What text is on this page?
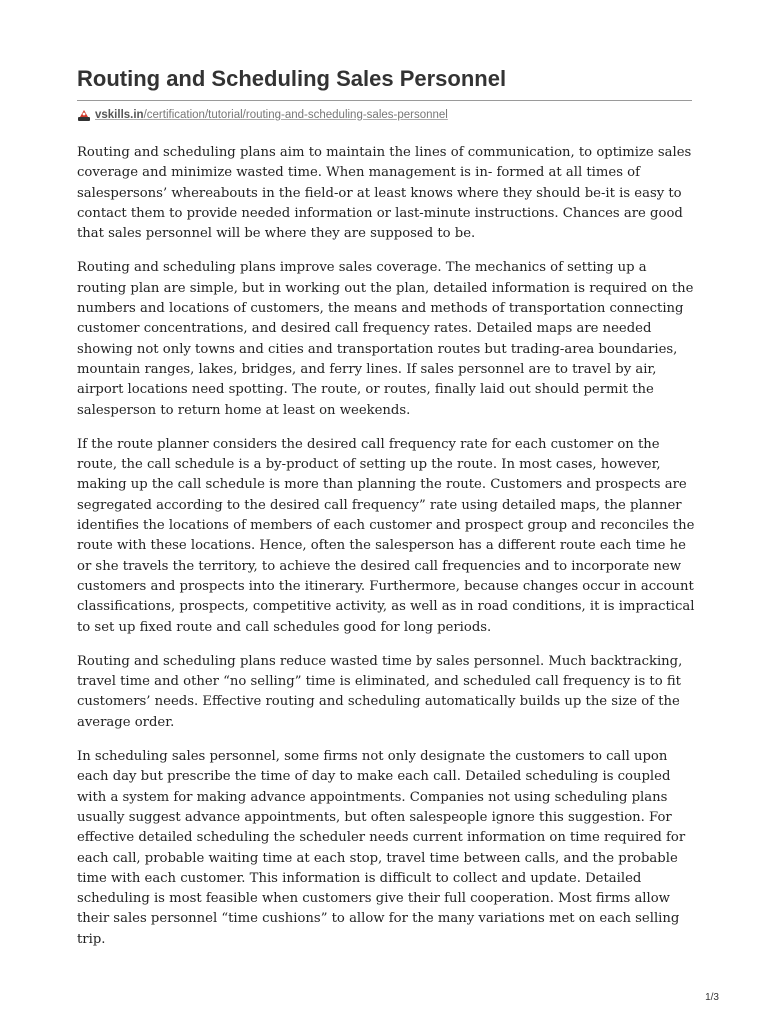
Routing and Scheduling Sales Personnel
vskills.in/certification/tutorial/routing-and-scheduling-sales-personnel

Routing and scheduling plans aim to maintain the lines of communication, to optimize sales coverage and minimize wasted time. When management is in- formed at all times of salespersons’ whereabouts in the field-or at least knows where they should be-it is easy to contact them to provide needed information or last-minute instructions. Chances are good that sales personnel will be where they are supposed to be.

Routing and scheduling plans improve sales coverage. The mechanics of setting up a routing plan are simple, but in working out the plan, detailed information is required on the numbers and locations of customers, the means and methods of transportation connecting customer concentrations, and desired call frequency rates. Detailed maps are needed showing not only towns and cities and transportation routes but trading-area boundaries, mountain ranges, lakes, bridges, and ferry lines. If sales personnel are to travel by air, airport locations need spotting. The route, or routes, finally laid out should permit the salesperson to return home at least on weekends.

If the route planner considers the desired call frequency rate for each customer on the route, the call schedule is a by-product of setting up the route. In most cases, however, making up the call schedule is more than planning the route. Customers and prospects are segregated according to the desired call frequency” rate using detailed maps, the planner identifies the locations of members of each customer and prospect group and reconciles the route with these locations. Hence, often the salesperson has a different route each time he or she travels the territory, to achieve the desired call frequencies and to incorporate new customers and prospects into the itinerary. Furthermore, because changes occur in account classifications, prospects, competitive activity, as well as in road conditions, it is impractical to set up fixed route and call schedules good for long periods.

Routing and scheduling plans reduce wasted time by sales personnel. Much backtracking, travel time and other “no selling” time is eliminated, and scheduled call frequency is to fit customers’ needs. Effective routing and scheduling automatically builds up the size of the average order.

In scheduling sales personnel, some firms not only designate the customers to call upon each day but prescribe the time of day to make each call. Detailed scheduling is coupled with a system for making advance appointments. Companies not using scheduling plans usually suggest advance appointments, but often salespeople ignore this suggestion. For effective detailed scheduling the scheduler needs current information on time required for each call, probable waiting time at each stop, travel time between calls, and the probable time with each customer. This information is difficult to collect and update. Detailed scheduling is most feasible when customers give their full cooperation. Most firms allow their sales personnel “time cushions” to allow for the many variations met on each selling trip.

1/3
